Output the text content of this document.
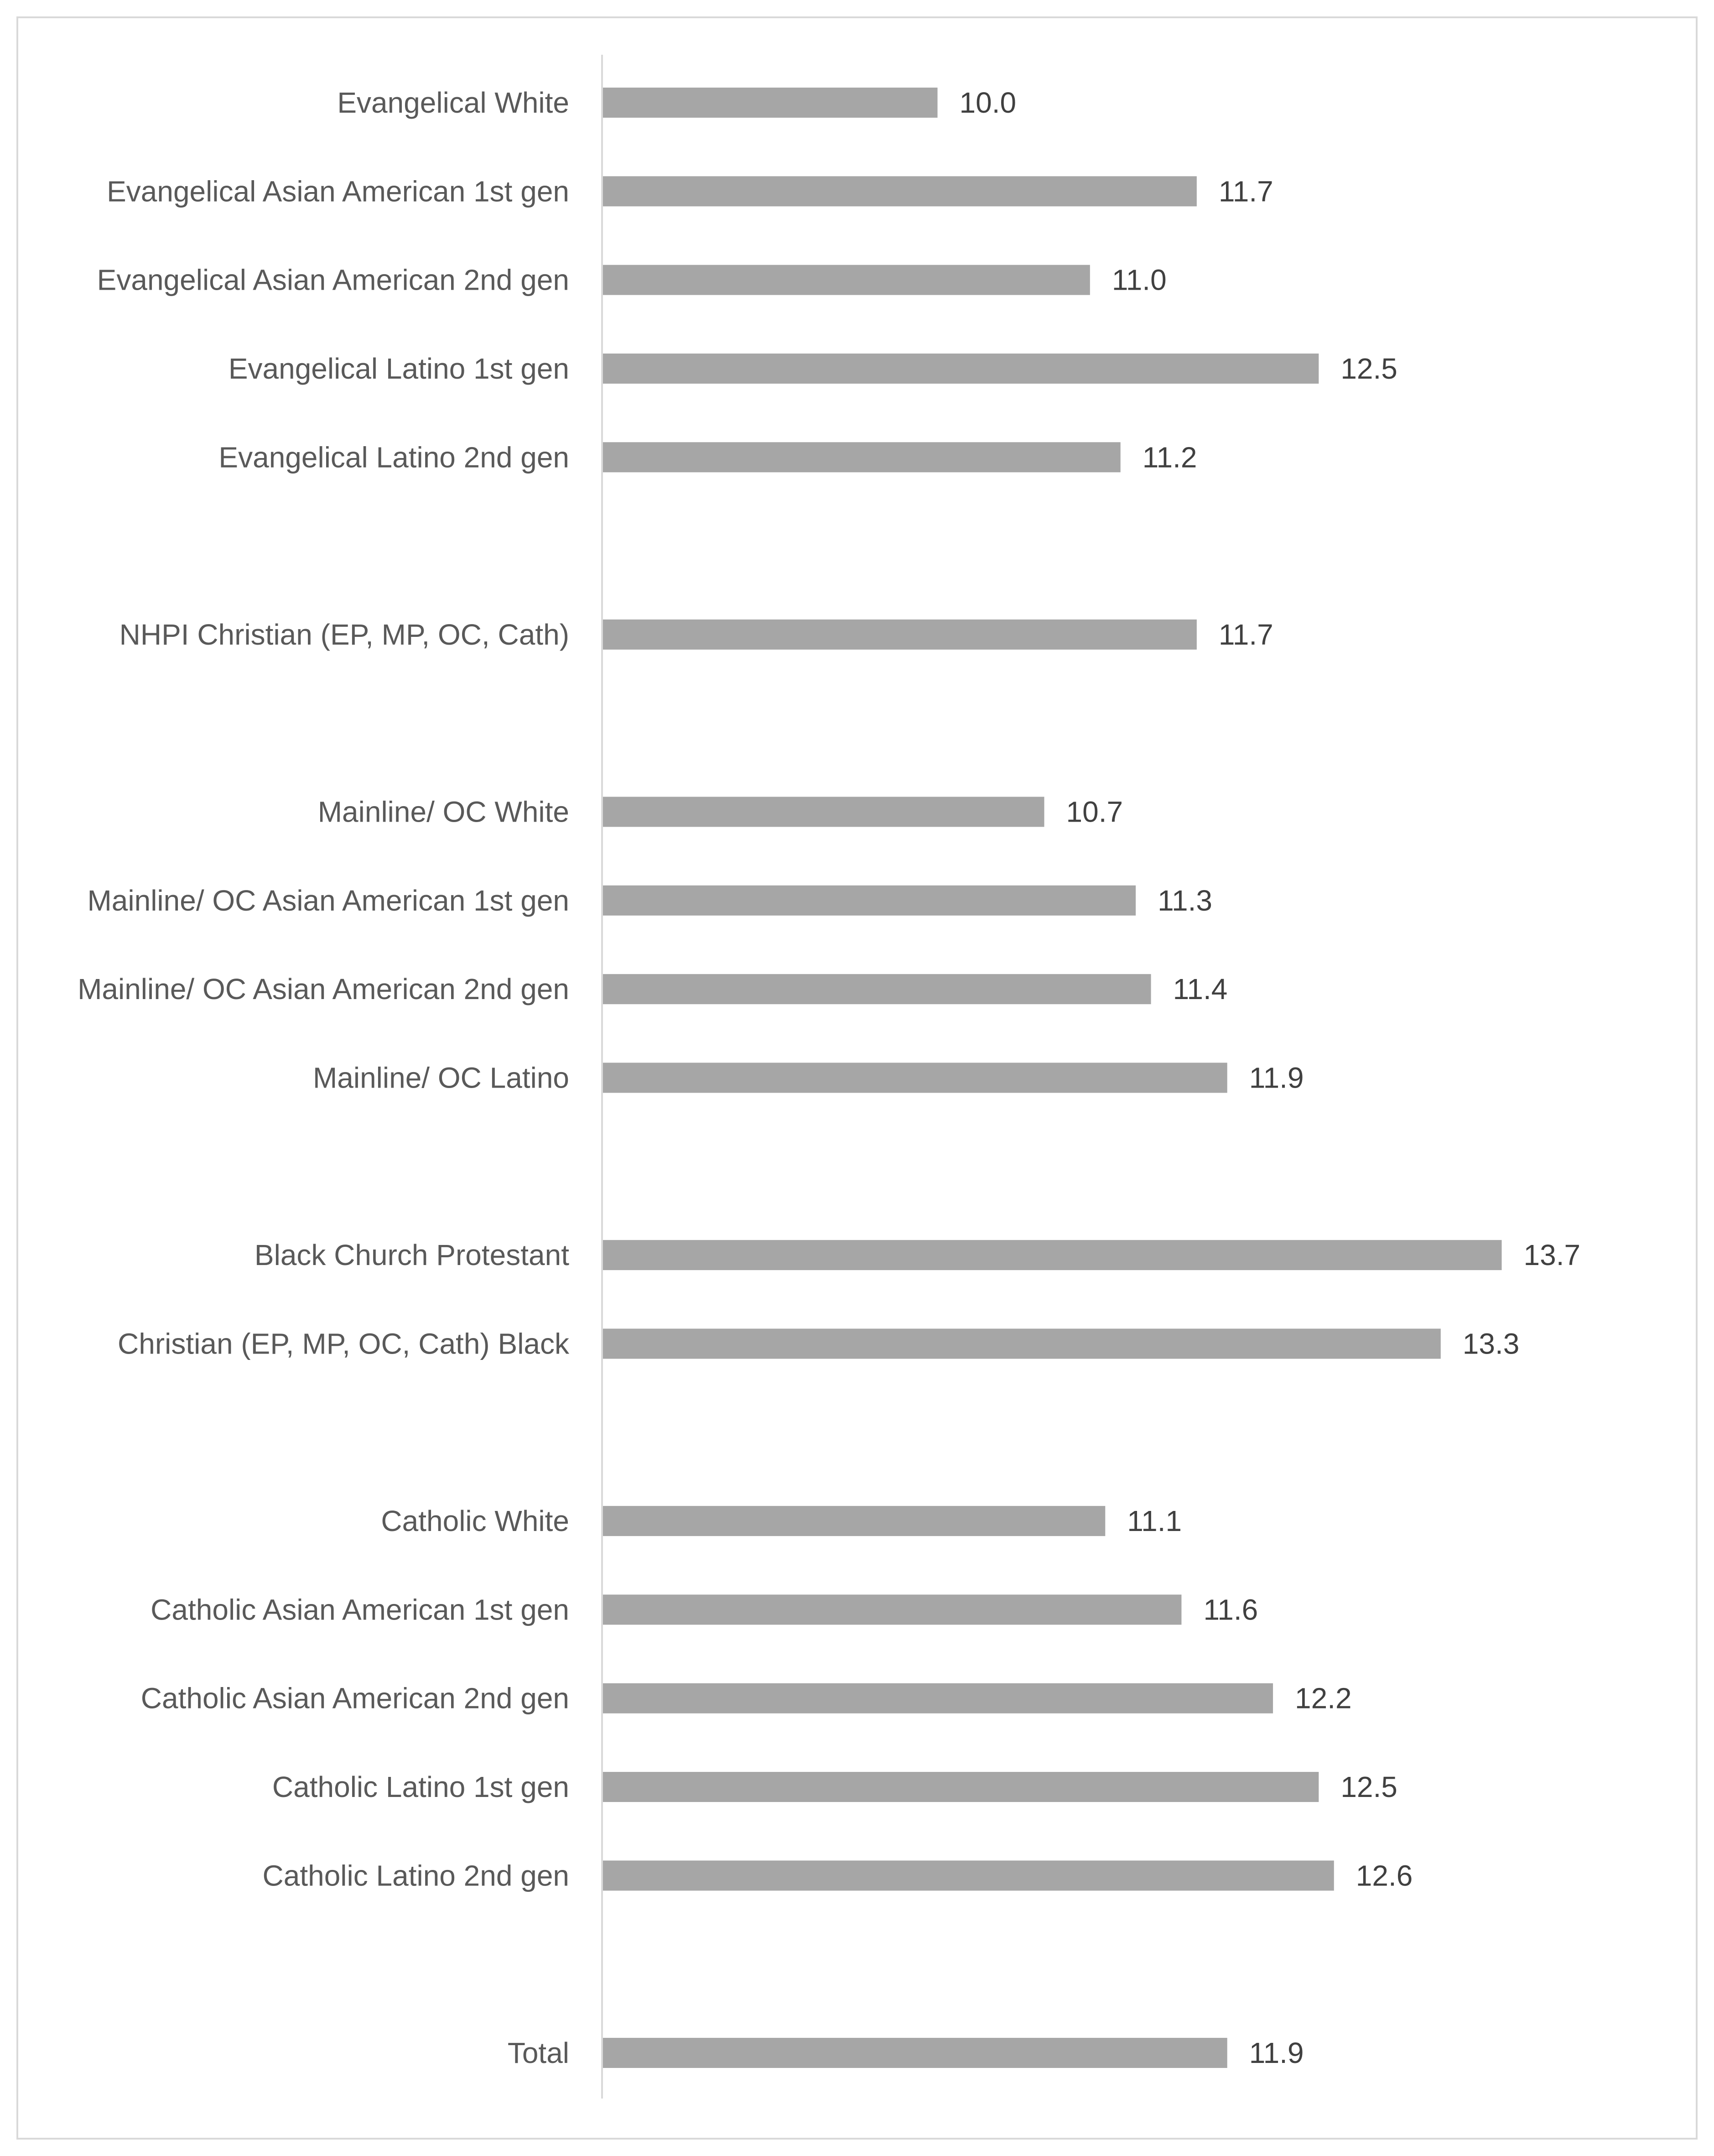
Evangelical White	10.0
Evangelical Asian American 1st gen	11.7
Evangelical Asian American 2nd gen	11.0
Evangelical Latino 1st gen	12.5
Evangelical Latino 2nd gen	11.2
NHPI Christian (EP, MP, OC, Cath)	11.7
Mainline/ OC White	10.7
Mainline/ OC Asian American 1st gen	11.3
Mainline/ OC Asian American 2nd gen	11.4
Mainline/ OC Latino	11.9
Black Church Protestant	13.7
Christian (EP, MP, OC, Cath) Black	13.3
Catholic White	11.1
Catholic Asian American 1st gen	11.6
Catholic Asian American 2nd gen	12.2
Catholic Latino 1st gen	12.5
Catholic Latino 2nd gen	12.6
Total	11.9
